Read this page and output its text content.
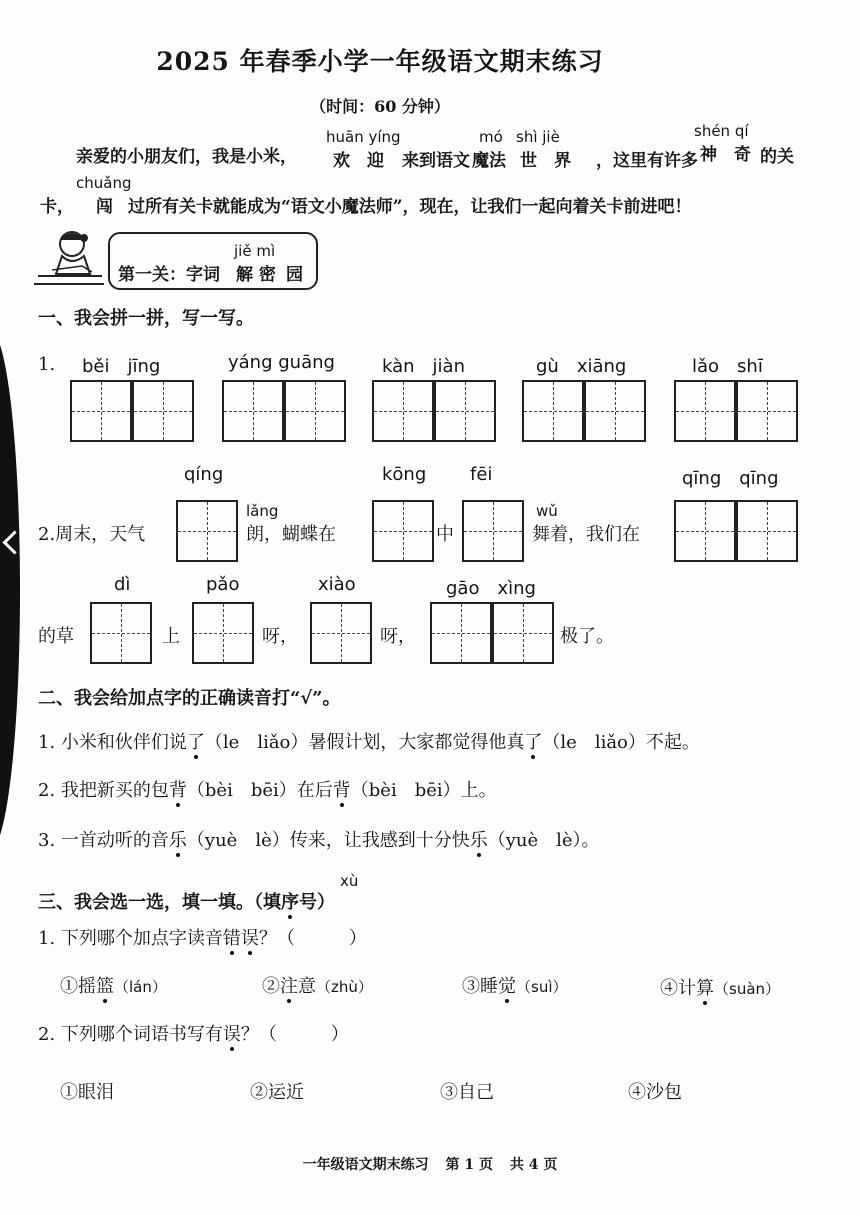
2025 年春季小学一年级语文期末练习
（时间：60 分钟）
亲爱的小朋友们，我是小米，
huān yíng
欢　迎 来到语文 魔法
mó shì jiè
世　界 ，这里有许多
shén qí
神　奇 的关
卡，
chuǎng
闯 过所有关卡就能成为“语文小魔法师”，现在，让我们一起向着关卡前进吧！
jiě mì
第一关：字词 解 密 园
一、我会拼一拼，写一写。
1. běi　jīng	yáng guāng	kàn　jiàn	gù　xiāng	lǎo　shī
qíng
2.周末，天气
lǎng
朗，蝴蝶在
kōng
中
fēi
wǔ
舞着，我们在
qīng　qīng
的草
dì
上
pǎo
呀，
xiào
呀，
gāo　xìng
极了。
二、我会给加点字的正确读音打“√”。
1. 小米和伙伴们说了（le　liǎo）暑假计划，大家都觉得他真了（le　liǎo）不起。
2. 我把新买的包背（bèi　bēi）在后背（bèi　bēi）上。
3. 一首动听的音乐（yuè　lè）传来，让我感到十分快乐（yuè　lè）。
xù
三、我会选一选，填一填。（填序号）
1. 下列哪个加点字读音错误？（　　　）
①摇篮（lán）	②注意（zhù）	③睡觉（suì）	④计算（suàn）
2. 下列哪个词语书写有误？（　　　）
①眼泪	②运近	③自己	④沙包
一年级语文期末练习 第 1 页 共 4 页
